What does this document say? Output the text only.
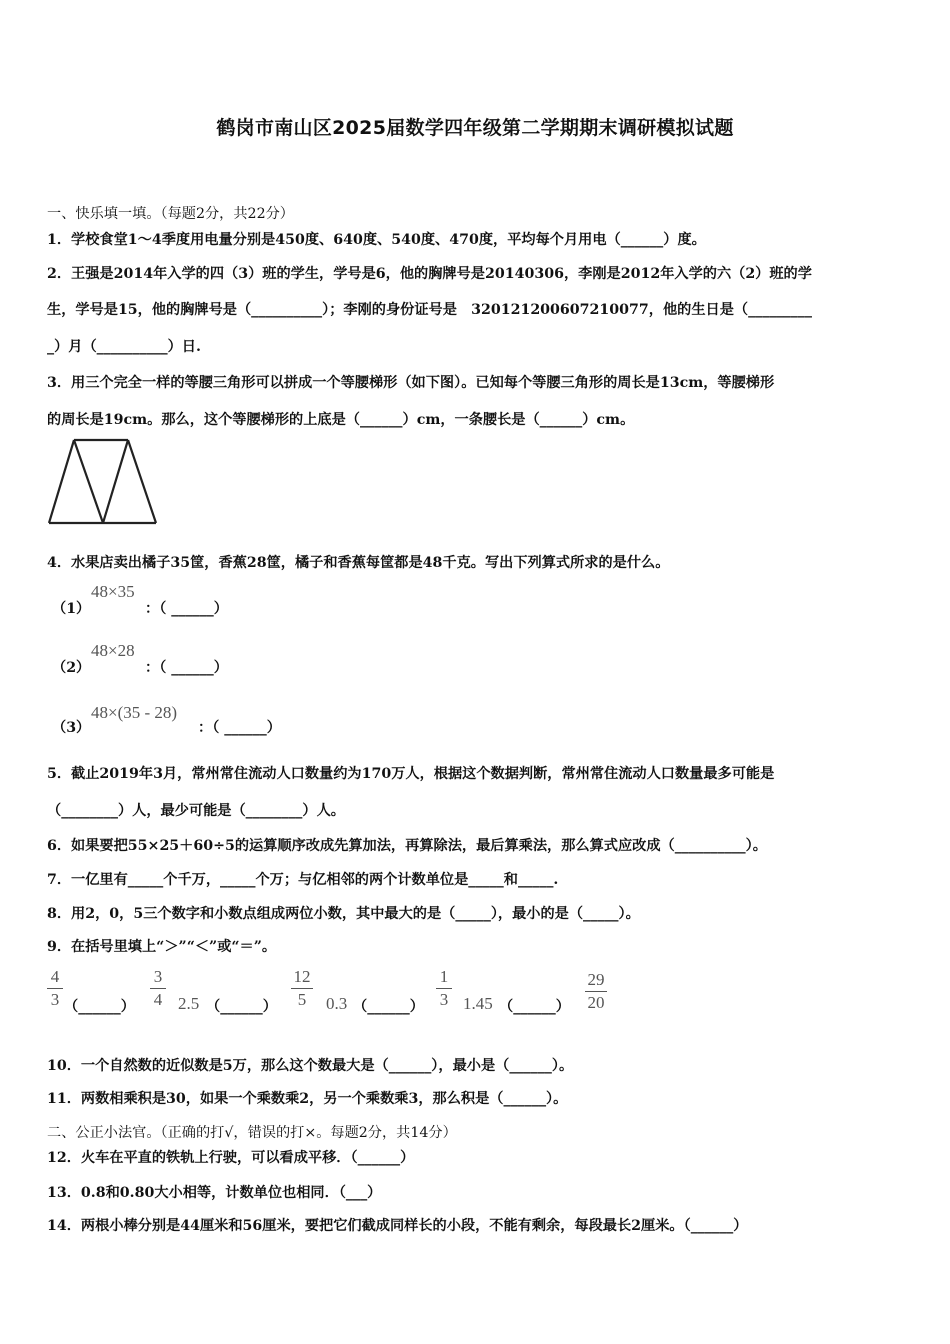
鹤岗市南山区2025届数学四年级第二学期期末调研模拟试题
一、快乐填一填。（每题2分，共22分）
1．学校食堂1～4季度用电量分别是450度、640度、540度、470度，平均每个月用电（______）度。
2．王强是2014年入学的四（3）班的学生，学号是6，他的胸牌号是20140306，李刚是2012年入学的六（2）班的学
生，学号是15，他的胸牌号是（__________）；李刚的身份证号是　320121200607210077，他的生日是（_________
_）月（__________）日.
3．用三个完全一样的等腰三角形可以拼成一个等腰梯形（如下图）。已知每个等腰三角形的周长是13cm，等腰梯形
的周长是19cm。那么，这个等腰梯形的上底是（______）cm，一条腰长是（______）cm。
4．水果店卖出橘子35筐，香蕉28筐，橘子和香蕉每筐都是48千克。写出下列算式所求的是什么。
（1）
48×35
：（ ______）
（2）
48×28
：（ ______）
（3）
48×(35 - 28)
：（ ______）
5．截止2019年3月，常州常住流动人口数量约为170万人，根据这个数据判断，常州常住流动人口数量最多可能是
（________）人，最少可能是（________）人。
6．如果要把55×25＋60÷5的运算顺序改成先算加法，再算除法，最后算乘法，那么算式应改成（__________）。
7．一亿里有_____个千万，_____个万；与亿相邻的两个计数单位是_____和_____.
8．用2，0，5三个数字和小数点组成两位小数，其中最大的是（_____），最小的是（_____）。
9．在括号里填上“＞”“＜”或“＝”。
4
3 （______）
3
4 2.5 （______）
12
5	0.3 （______）
1
3 1.45 （______）
29
20
10．一个自然数的近似数是5万，那么这个数最大是（______），最小是（______）。
11．两数相乘积是30，如果一个乘数乘2，另一个乘数乘3，那么积是（______）。
二、公正小法官。（正确的打√，错误的打×。每题2分，共14分）
12．火车在平直的铁轨上行驶，可以看成平移．（______）
13．0.8和0.80大小相等，计数单位也相同．（___）
14．两根小棒分别是44厘米和56厘米，要把它们截成同样长的小段，不能有剩余，每段最长2厘米。（______）
